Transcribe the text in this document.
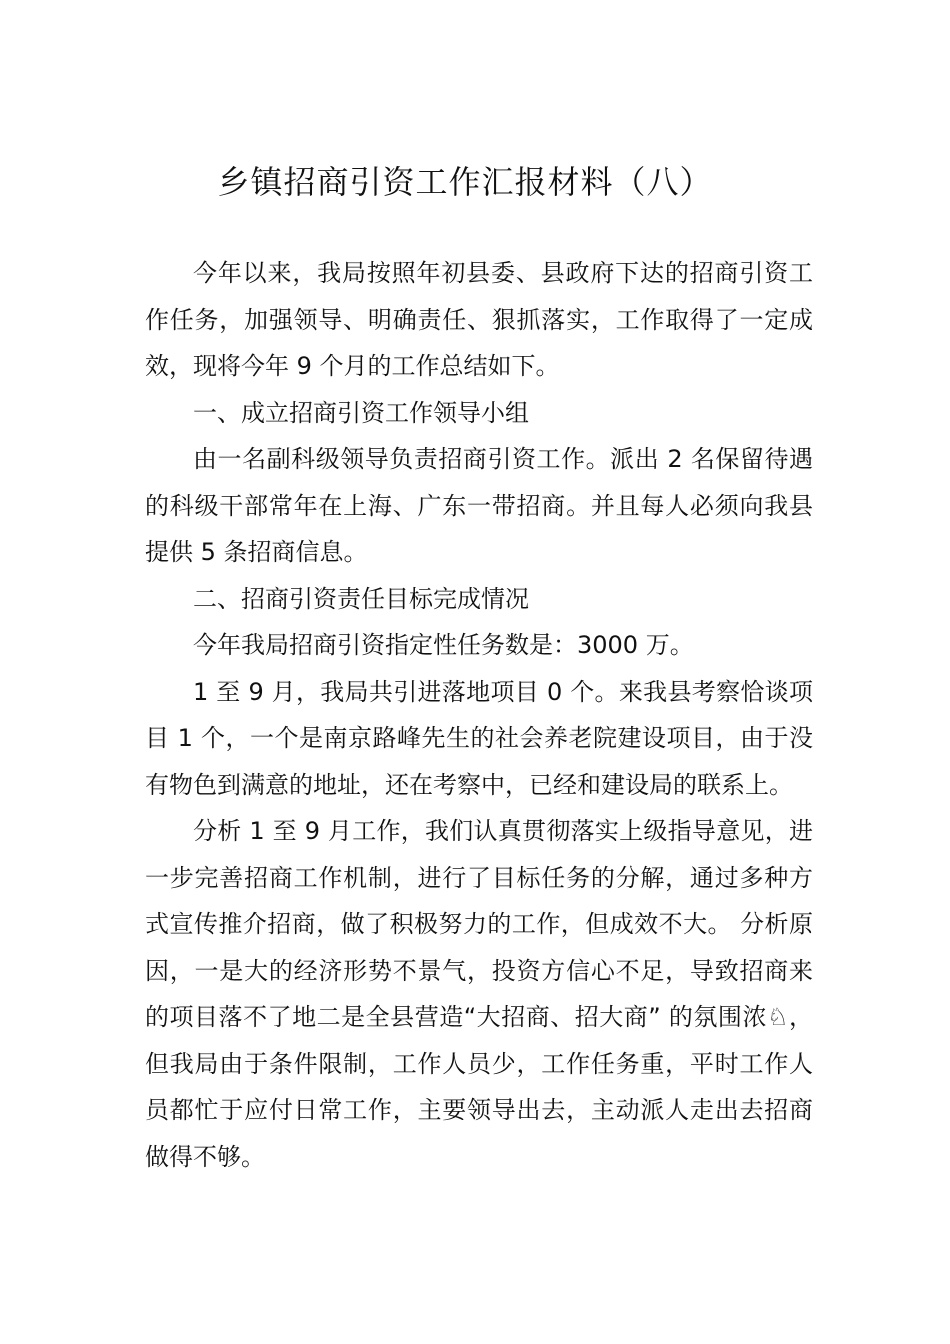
乡镇招商引资工作汇报材料（八）

今年以来，我局按照年初县委、县政府下达的招商引资工作任务，加强领导、明确责任、狠抓落实，工作取得了一定成效，现将今年 9 个月的工作总结如下。

一、成立招商引资工作领导小组

由一名副科级领导负责招商引资工作。派出 2 名保留待遇的科级干部常年在上海、广东一带招商。并且每人必须向我县提供 5 条招商信息。

二、招商引资责任目标完成情况

今年我局招商引资指定性任务数是：3000 万。

1 至 9 月，我局共引进落地项目 0 个。来我县考察恰谈项目 1 个，一个是南京路峰先生的社会养老院建设项目，由于没有物色到满意的地址，还在考察中，已经和建设局的联系上。

分析 1 至 9 月工作，我们认真贯彻落实上级指导意见，进一步完善招商工作机制，进行了目标任务的分解，通过多种方式宣传推介招商，做了积极努力的工作，但成效不大。 分析原因，一是大的经济形势不景气，投资方信心不足，导致招商来的项目落不了地二是全县营造“大招商、招大商” 的氛围浓♘，但我局由于条件限制，工作人员少，工作任务重，平时工作人员都忙于应付日常工作，主要领导出去，主动派人走出去招商做得不够。
